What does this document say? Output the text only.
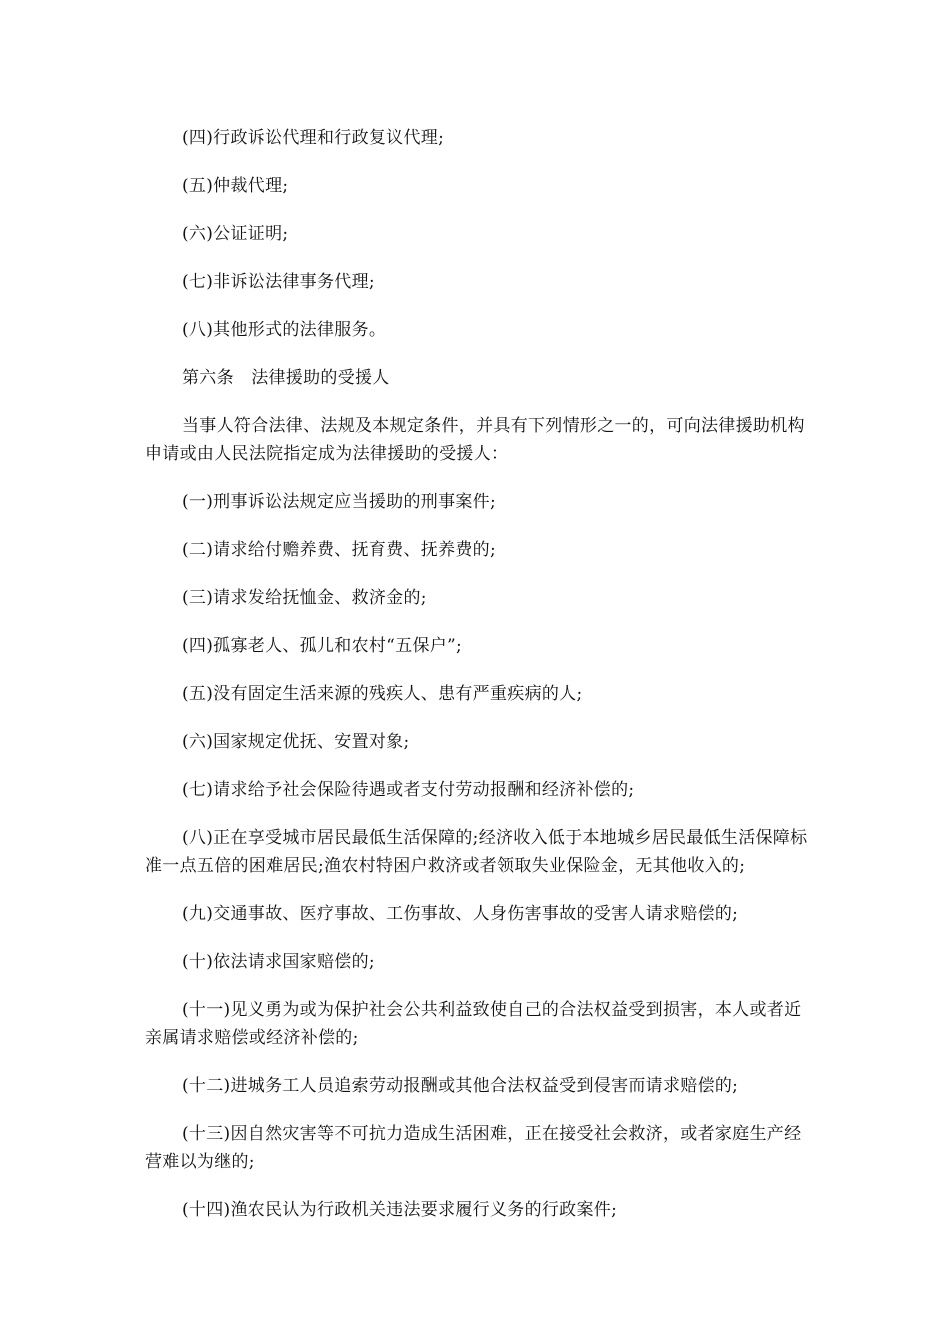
(四)行政诉讼代理和行政复议代理;

(五)仲裁代理;

(六)公证证明;

(七)非诉讼法律事务代理;

(八)其他形式的法律服务。

第六条　法律援助的受援人

当事人符合法律、法规及本规定条件，并具有下列情形之一的，可向法律援助机构申请或由人民法院指定成为法律援助的受援人：

(一)刑事诉讼法规定应当援助的刑事案件;

(二)请求给付赡养费、抚育费、抚养费的;

(三)请求发给抚恤金、救济金的;

(四)孤寡老人、孤儿和农村“五保户”;

(五)没有固定生活来源的残疾人、患有严重疾病的人;

(六)国家规定优抚、安置对象;

(七)请求给予社会保险待遇或者支付劳动报酬和经济补偿的;

(八)正在享受城市居民最低生活保障的;经济收入低于本地城乡居民最低生活保障标准一点五倍的困难居民;渔农村特困户救济或者领取失业保险金，无其他收入的;

(九)交通事故、医疗事故、工伤事故、人身伤害事故的受害人请求赔偿的;

(十)依法请求国家赔偿的;

(十一)见义勇为或为保护社会公共利益致使自己的合法权益受到损害，本人或者近亲属请求赔偿或经济补偿的;

(十二)进城务工人员追索劳动报酬或其他合法权益受到侵害而请求赔偿的;

(十三)因自然灾害等不可抗力造成生活困难，正在接受社会救济，或者家庭生产经营难以为继的;

(十四)渔农民认为行政机关违法要求履行义务的行政案件;
